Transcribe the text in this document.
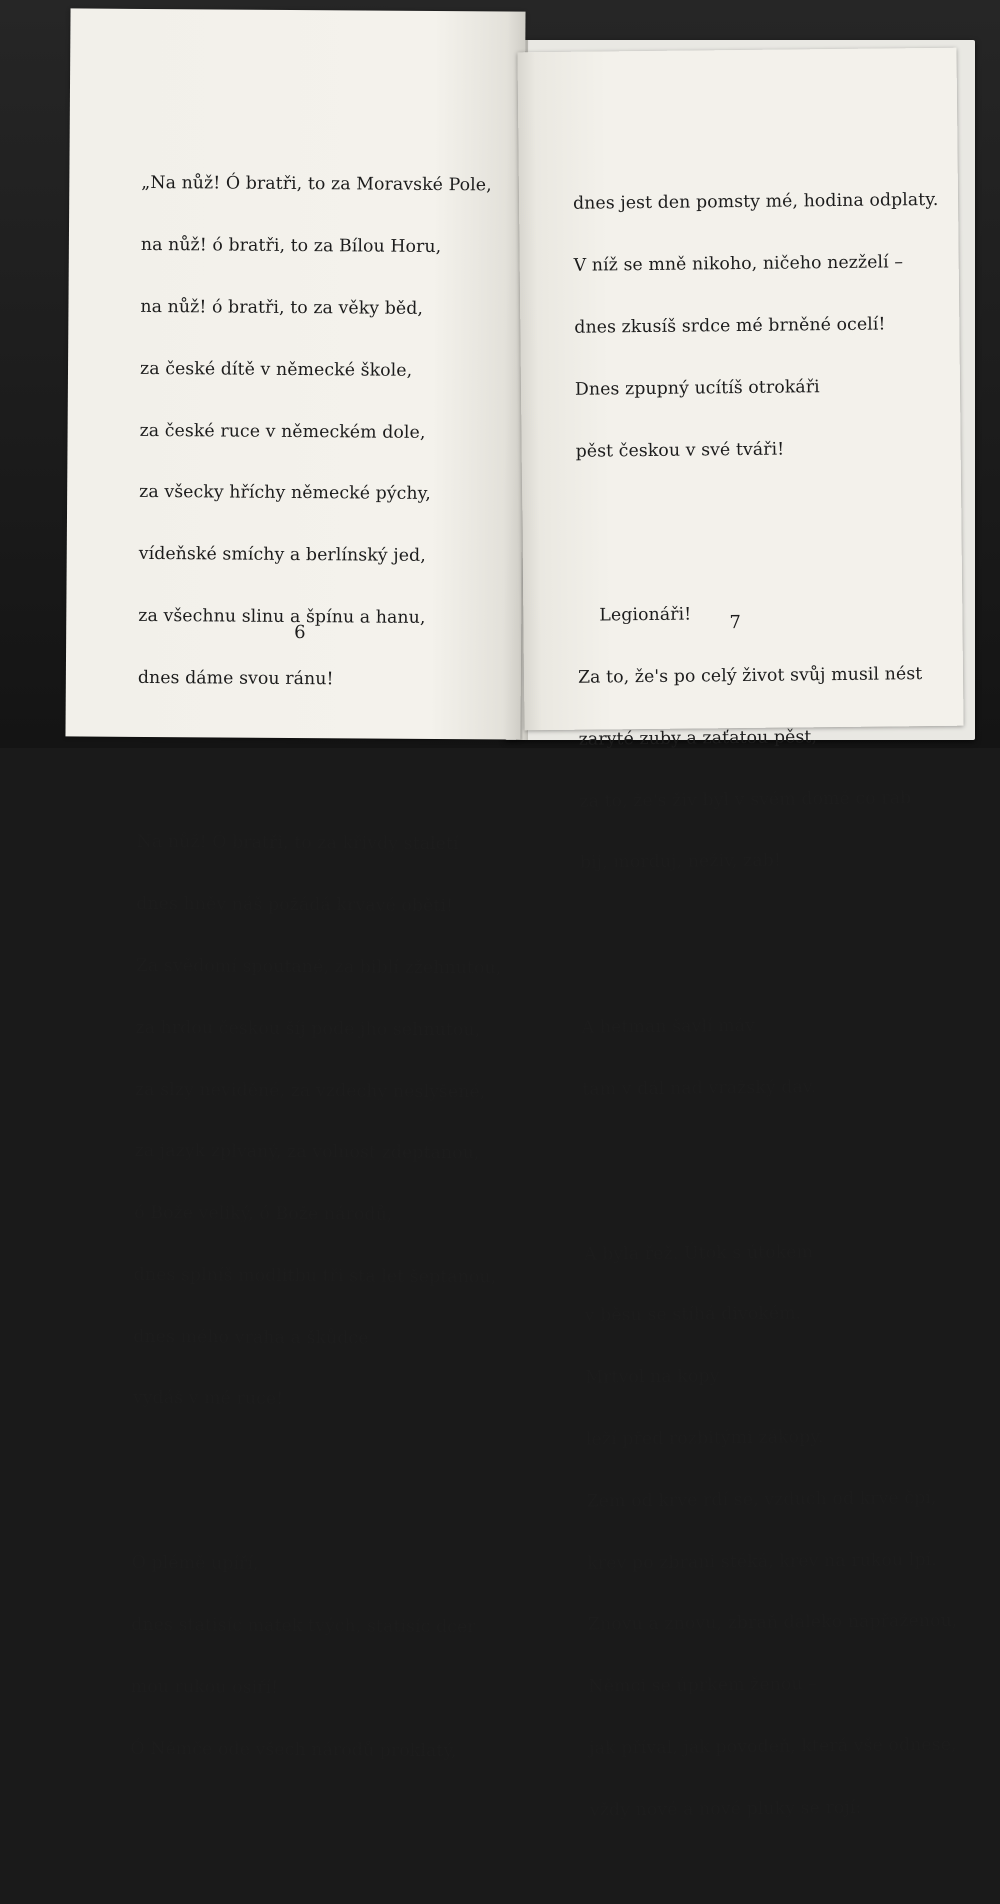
„Na nůž! Ó bratři, to za Moravské Pole,

na nůž! ó bratři, to za Bílou Horu,

na nůž! ó bratři, to za věky běd,

za české dítě v německé škole,

za české ruce v německém dole,

za všecky hříchy německé pýchy,

vídeňské smíchy a berlínský jed,

za všechnu slinu a špínu a hanu,

dnes dáme svou ránu!

Na nůž! Ó bratři, to za křivdy staletí

dnes hněv náš požádá krvavé oběti!

Za svědomí spoutané, za biblí zžehnutou,

za hrdou českou šíj pode jho sehnutou,

za slzy neviděné, za vzdechy neslyšené,

za jazyk zplvaný, za volnost zdeptanou,

ó Bože veliký, ó Bože národů,

dnes splníš modlitbu tři sta let šeptanou,

dnes mého vraha a škůdce

vydáš v mé ruce!

Ó plémě upíří,

dnes statisíc matek tvých, statisíc dcer

mou rukou osiří!

Ó Němče ode všech národů proklatý,

6

dnes jest den pomsty mé, hodina odplaty.

V níž se mně nikoho, ničeho nezželí –

dnes zkusíš srdce mé brněné ocelí!

Dnes zpupný ucítíš otrokáři

pěst českou v své tváři!

Legionáři!

Za to, že's po celý život svůj musil nést

zaryté zuby a zaťatou pěst,

za to, že's živ byl v svém domě co rab

bij, morduj, neživ, zab!

A hetman šavlí máv

tam v dál nad vražský dav.

A byla řež. Útok s útokem

v běsu se stíhá divokém.

Mrtvol na kopy

leží před rozbitými zákopy.

Zem od krve rdí se, vzduch od krve čpí,

krev po zbrani stéká, krev na rukou lpí.

Znovu a znovu, zbraň daleko napřaženou,

Němci se úprkem ženou –

jak příval, jak povodeň, která vše odnese,

vždy nové a nové pluky se rojí:

7
